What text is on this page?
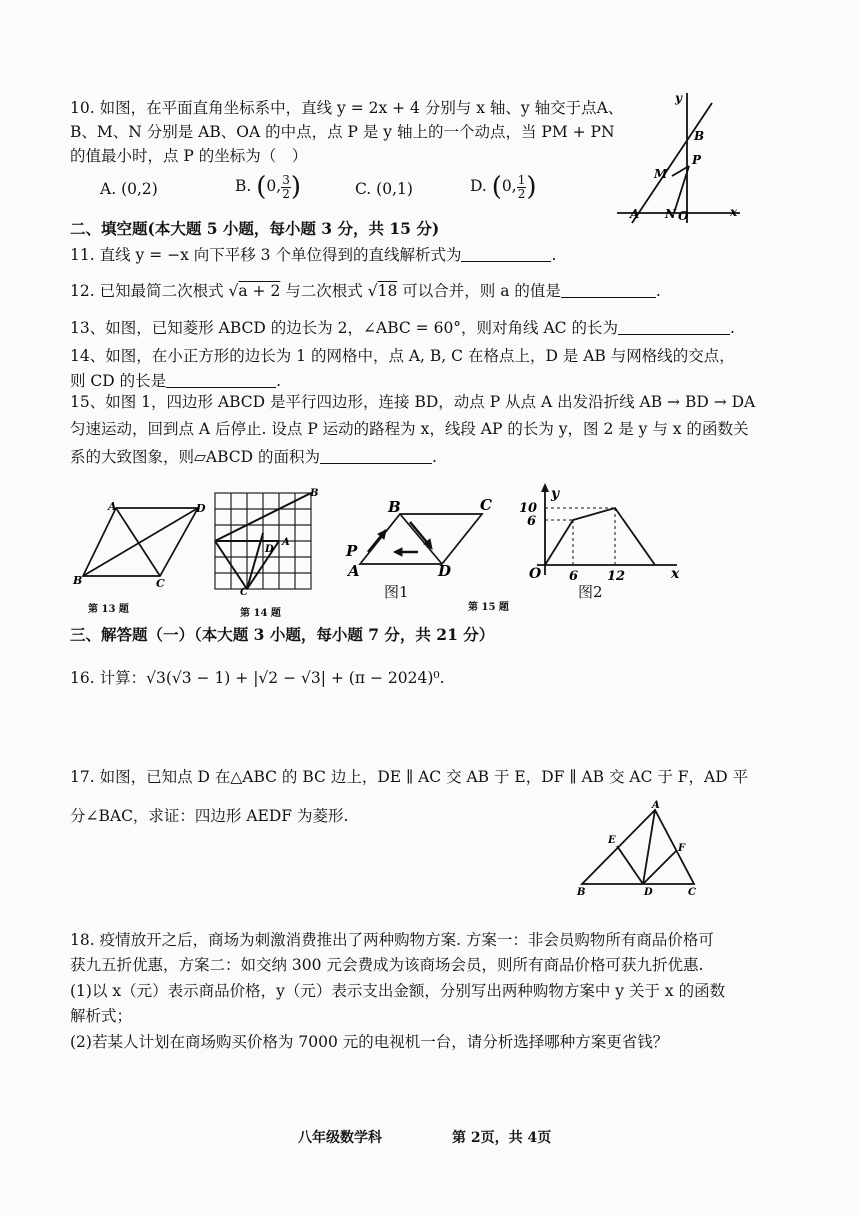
10. 如图，在平面直角坐标系中，直线 y = 2x + 4 分别与 x 轴、y 轴交于点A、
B、M、N 分别是 AB、OA 的中点，点 P 是 y 轴上的一个动点，当 PM + PN
的值最小时，点 P 的坐标为（　）
A. (0,2)	B. (0, $\frac{3}{2}$ )	C. (0,1)	D. (0, $\frac{1}{2}$ )
y
x
A
B
M
N O
P
二、填空题(本大题 5 小题，每小题 3 分，共 15 分)
11. 直线 y = −x 向下平移 3 个单位得到的直线解析式为	.
12. 已知最简二次根式 √a + 2 与二次根式 √18 可以合并，则 a 的值是	.
13、如图，已知菱形 ABCD 的边长为 2，∠ABC = 60°，则对角线 AC 的长为	.
14、如图，在小正方形的边长为 1 的网格中，点 A, B, C 在格点上，D 是 AB 与网格线的交点，
则 CD 的长是	.
15、如图 1，四边形 ABCD 是平行四边形，连接 BD，动点 P 从点 A 出发沿折线 AB → BD → DA
匀速运动，回到点 A 后停止. 设点 P 运动的路程为 x，线段 AP 的长为 y，图 2 是 y 与 x 的函数关
系的大致图象，则▱ABCD 的面积为	.
A
B	C
D
第 13 题
A
B
C
D
第 14 题
A
B	C
D
P
图1
第 15 题
y
x
O
10
6
6 12
图2
三、解答题（一）（本大题 3 小题，每小题 7 分，共 21 分）
16. 计算：√3(√3 − 1) + |√2 − √3| + (π − 2024)⁰.
17. 如图，已知点 D 在△ABC 的 BC 边上，DE ∥ AC 交 AB 于 E，DF ∥ AB 交 AC 于 F，AD 平
分∠BAC，求证：四边形 AEDF 为菱形.
A
B	C
D
E
F
18. 疫情放开之后，商场为刺激消费推出了两种购物方案. 方案一：非会员购物所有商品价格可
获九五折优惠，方案二：如交纳 300 元会费成为该商场会员，则所有商品价格可获九折优惠.
(1)以 x（元）表示商品价格，y（元）表示支出金额，分别写出两种购物方案中 y 关于 x 的函数
解析式；
(2)若某人计划在商场购买价格为 7000 元的电视机一台，请分析选择哪种方案更省钱？
八年级数学科	第 2页，共 4页
